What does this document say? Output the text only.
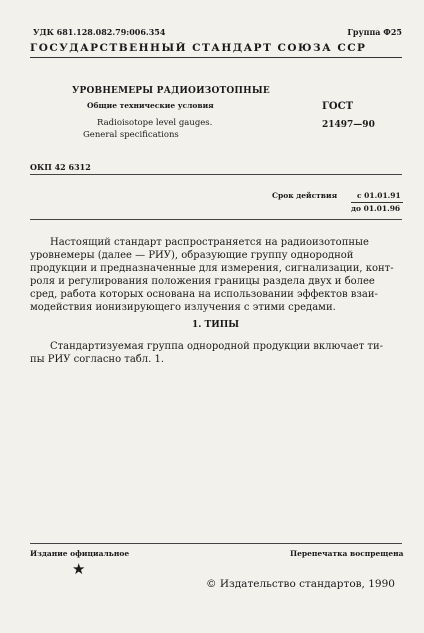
УДК 681.128.082.79:006.354	Группа Ф25
ГОСУДАРСТВЕННЫЙ СТАНДАРТ СОЮЗА ССР
УРОВНЕМЕРЫ РАДИОИЗОТОПНЫЕ
Общие технические условия
Radioisotope level gauges.
General specifications
ГОСТ
21497—90
ОКП 42 6312
Срок действия	с 01.01.91
до 01.01.96
Настоящий стандарт распространяется на радиоизотопные
уровнемеры (далее — РИУ), образующие группу однородной
продукции и предназначенные для измерения, сигнализации, конт-
роля и регулирования положения границы раздела двух и более
сред, работа которых основана на использовании эффектов взаи-
модействия ионизирующего излучения с этими средами.
1. ТИПЫ
Стандартизуемая группа однородной продукции включает ти-
пы РИУ согласно табл. 1.
Издание официальное	Перепечатка воспрещена
★
© Издательство стандартов, 1990
